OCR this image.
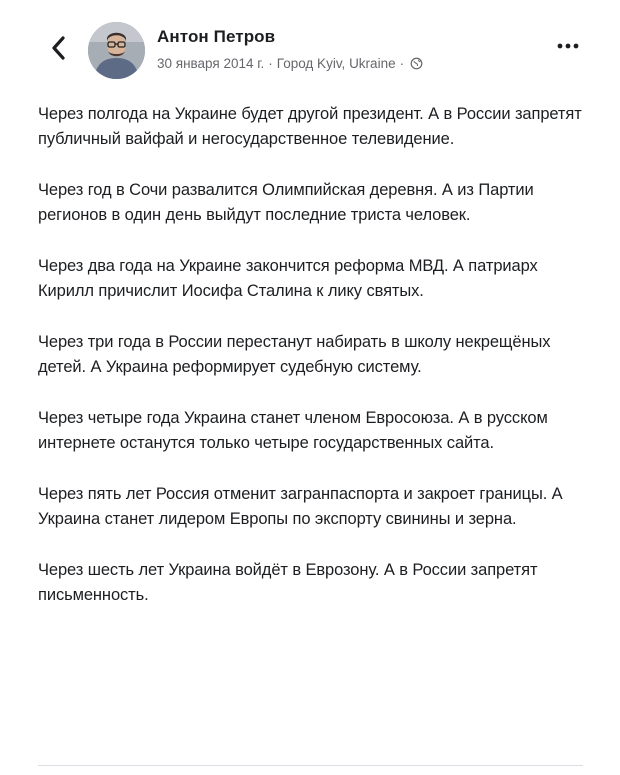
Антон Петров
30 января 2014 г. · Город Kyiv, Ukraine ·

Через полгода на Украине будет другой президент. А в России запретят публичный вайфай и негосударственное телевидение.

Через год в Сочи развалится Олимпийская деревня. А из Партии регионов в один день выйдут последние триста человек.

Через два года на Украине закончится реформа МВД. А патриарх Кирилл причислит Иосифа Сталина к лику святых.

Через три года в России перестанут набирать в школу некрещёных детей. А Украина реформирует судебную систему.

Через четыре года Украина станет членом Евросоюза. А в русском интернете останутся только четыре государственных сайта.

Через пять лет Россия отменит загранпаспорта и закроет границы. А Украина станет лидером Европы по экспорту свинины и зерна.

Через шесть лет Украина войдёт в Еврозону. А в России запретят письменность.
